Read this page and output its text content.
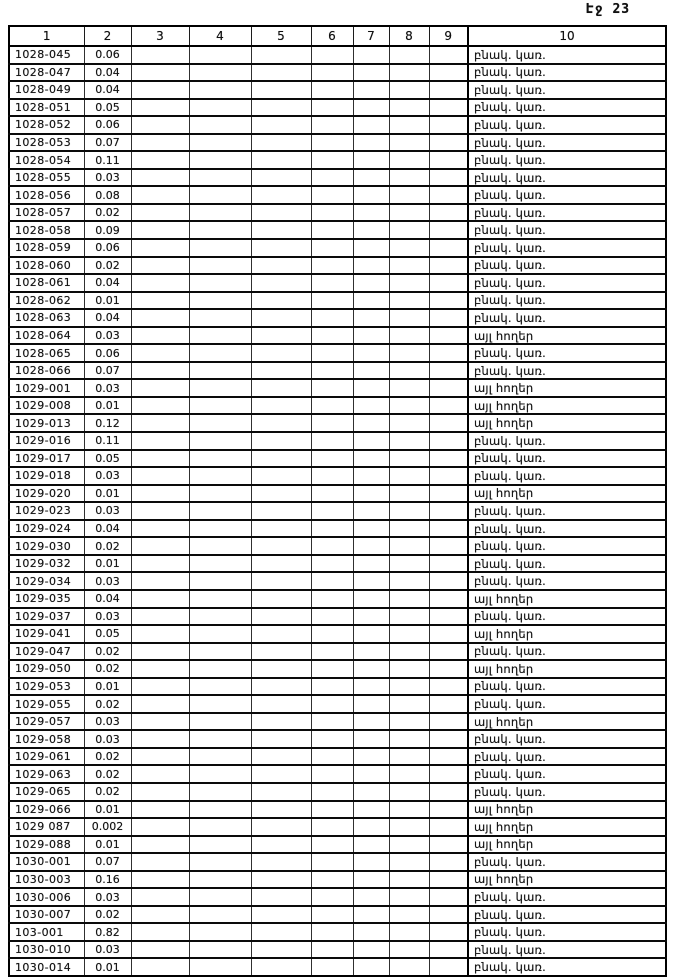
Էջ 23
1	2	3	4	5	6	7	8	9	10
1028-045	0.06								բնակ. կառ.
1028-047	0.04								բնակ. կառ.
1028-049	0.04								բնակ. կառ.
1028-051	0.05								բնակ. կառ.
1028-052	0.06								բնակ. կառ.
1028-053	0.07								բնակ. կառ.
1028-054	0.11								բնակ. կառ.
1028-055	0.03								բնակ. կառ.
1028-056	0.08								բնակ. կառ.
1028-057	0.02								բնակ. կառ.
1028-058	0.09								բնակ. կառ.
1028-059	0.06								բնակ. կառ.
1028-060	0.02								բնակ. կառ.
1028-061	0.04								բնակ. կառ.
1028-062	0.01								բնակ. կառ.
1028-063	0.04								բնակ. կառ.
1028-064	0.03								այլ հողեր
1028-065	0.06								բնակ. կառ.
1028-066	0.07								բնակ. կառ.
1029-001	0.03								այլ հողեր
1029-008	0.01								այլ հողեր
1029-013	0.12								այլ հողեր
1029-016	0.11								բնակ. կառ.
1029-017	0.05								բնակ. կառ.
1029-018	0.03								բնակ. կառ.
1029-020	0.01								այլ հողեր
1029-023	0.03								բնակ. կառ.
1029-024	0.04								բնակ. կառ.
1029-030	0.02								բնակ. կառ.
1029-032	0.01								բնակ. կառ.
1029-034	0.03								բնակ. կառ.
1029-035	0.04								այլ հողեր
1029-037	0.03								բնակ. կառ.
1029-041	0.05								այլ հողեր
1029-047	0.02								բնակ. կառ.
1029-050	0.02								այլ հողեր
1029-053	0.01								բնակ. կառ.
1029-055	0.02								բնակ. կառ.
1029-057	0.03								այլ հողեր
1029-058	0.03								բնակ. կառ.
1029-061	0.02								բնակ. կառ.
1029-063	0.02								բնակ. կառ.
1029-065	0.02								բնակ. կառ.
1029-066	0.01								այլ հողեր
1029 087	0.002								այլ հողեր
1029-088	0.01								այլ հողեր
1030-001	0.07								բնակ. կառ.
1030-003	0.16								այլ հողեր
1030-006	0.03								բնակ. կառ.
1030-007	0.02								բնակ. կառ.
103-001	0.82								բնակ. կառ.
1030-010	0.03								բնակ. կառ.
1030-014	0.01								բնակ. կառ.
